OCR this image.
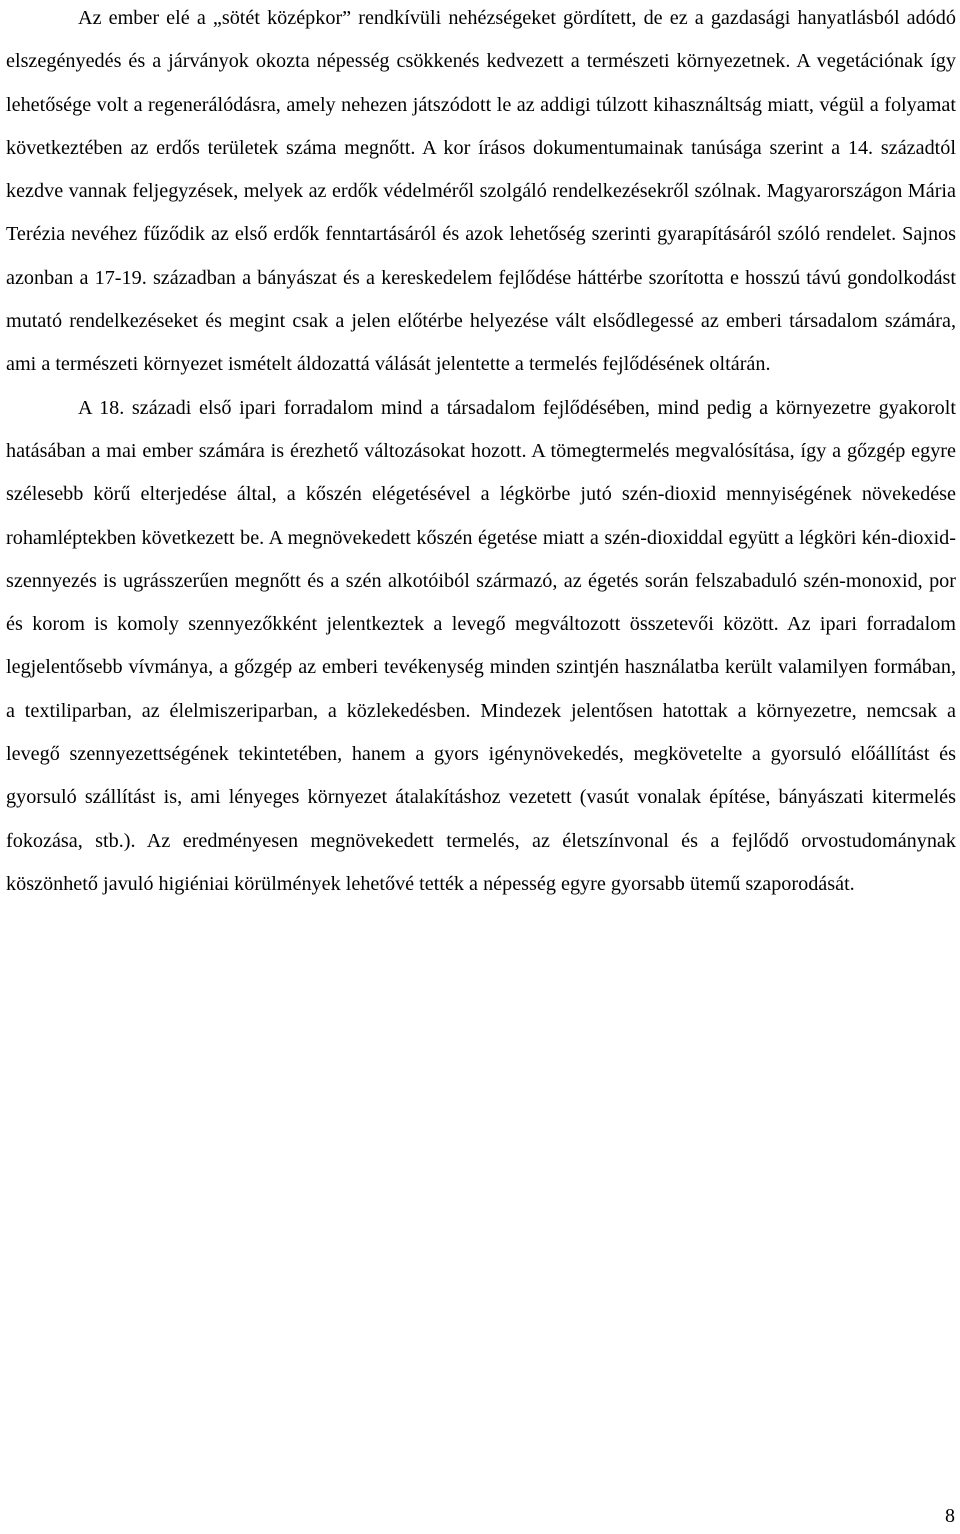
Az ember elé a „sötét középkor” rendkívüli nehézségeket gördített, de ez a gazdasági hanyatlásból adódó elszegényedés és a járványok okozta népesség csökkenés kedvezett a természeti környezetnek. A vegetációnak így lehetősége volt a regenerálódásra, amely nehezen játszódott le az addigi túlzott kihasználtság miatt, végül a folyamat következtében az erdős területek száma megnőtt. A kor írásos dokumentumainak tanúsága szerint a 14. századtól kezdve vannak feljegyzések, melyek az erdők védelméről szolgáló rendelkezésekről szólnak. Magyarországon Mária Terézia nevéhez fűződik az első erdők fenntartásáról és azok lehetőség szerinti gyarapításáról szóló rendelet. Sajnos azonban a 17-19. században a bányászat és a kereskedelem fejlődése háttérbe szorította e hosszú távú gondolkodást mutató rendelkezéseket és megint csak a jelen előtérbe helyezése vált elsődlegessé az emberi társadalom számára, ami a természeti környezet ismételt áldozattá válását jelentette a termelés fejlődésének oltárán.

A 18. századi első ipari forradalom mind a társadalom fejlődésében, mind pedig a környezetre gyakorolt hatásában a mai ember számára is érezhető változásokat hozott. A tömegtermelés megvalósítása, így a gőzgép egyre szélesebb körű elterjedése által, a kőszén elégetésével a légkörbe jutó szén-dioxid mennyiségének növekedése rohamléptekben következett be. A megnövekedett kőszén égetése miatt a szén-dioxiddal együtt a légköri kén-dioxid-szennyezés is ugrásszerűen megnőtt és a szén alkotóiból származó, az égetés során felszabaduló szén-monoxid, por és korom is komoly szennyezőkként jelentkeztek a levegő megváltozott összetevői között. Az ipari forradalom legjelentősebb vívmánya, a gőzgép az emberi tevékenység minden szintjén használatba került valamilyen formában, a textiliparban, az élelmiszeriparban, a közlekedésben. Mindezek jelentősen hatottak a környezetre, nemcsak a levegő szennyezettségének tekintetében, hanem a gyors igénynövekedés, megkövetelte a gyorsuló előállítást és gyorsuló szállítást is, ami lényeges környezet átalakításhoz vezetett (vasút vonalak építése, bányászati kitermelés fokozása, stb.). Az eredményesen megnövekedett termelés, az életszínvonal és a fejlődő orvostudománynak köszönhető javuló higiéniai körülmények lehetővé tették a népesség egyre gyorsabb ütemű szaporodását.

8
